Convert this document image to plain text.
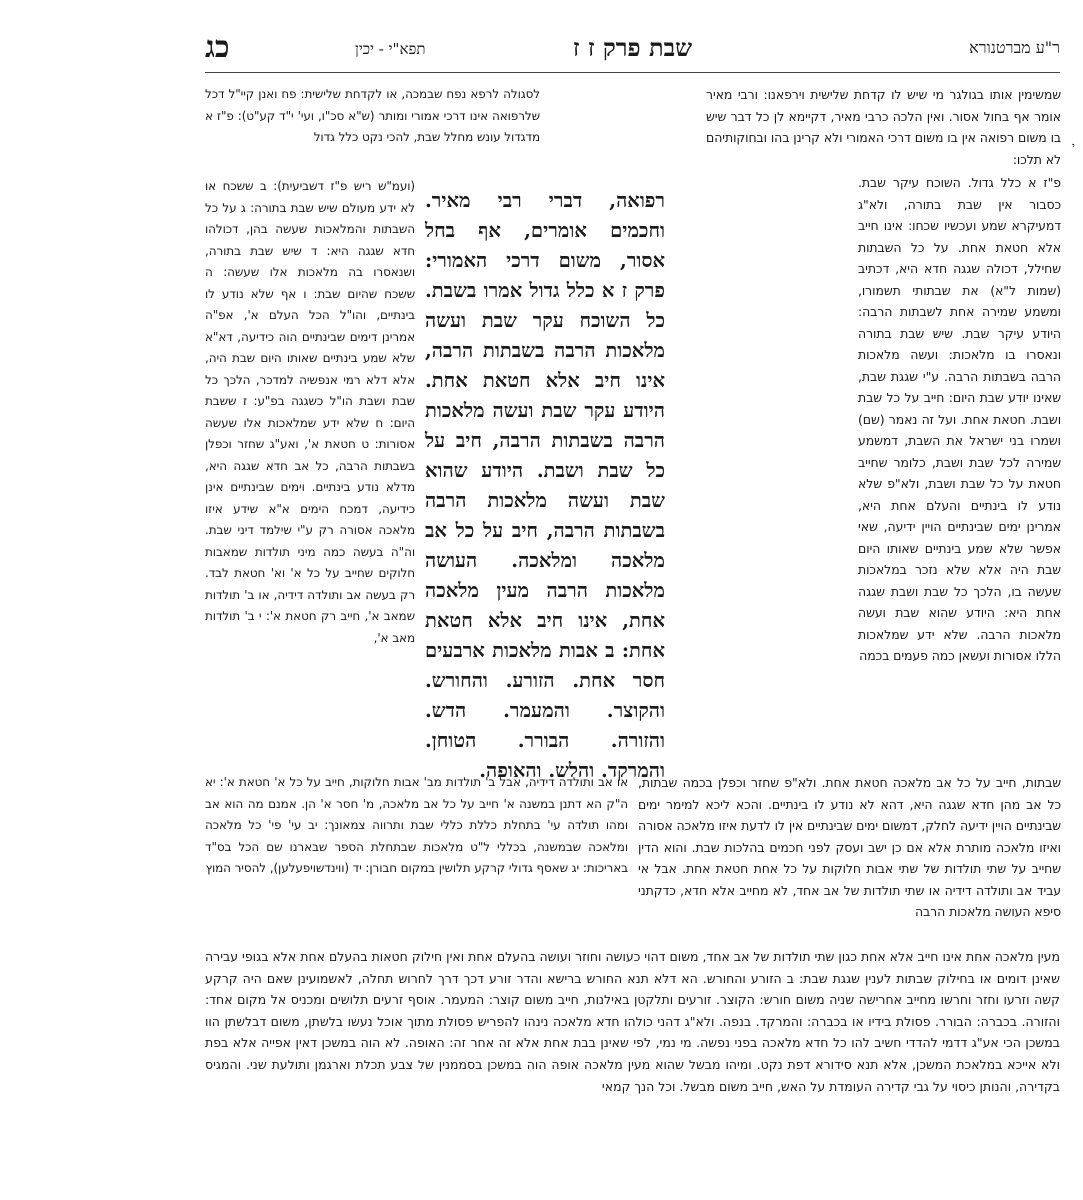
ר"ע מברטנורא
שבת פרק ז ז
תפא"י - יכין
כג
י

שמשימין אותו בגולגר מי שיש לו קדחת שלישית וירפאנו: ורבי מאיר אומר אף בחול אסור. ואין הלכה כרבי מאיר, דקיימא לן כל דבר שיש בו משום רפואה אין בו משום דרכי האמורי ולא קרינן בהו ובחוקותיהם לא תלכו:

פ"ז א כלל גדול. השוכח עיקר שבת. כסבור אין שבת בתורה, ולא"ג דמעיקרא שמע ועכשיו שכחו: אינו חייב אלא חטאת אחת. על כל השבתות שחילל, דכולה שגגה חדא היא, דכתיב (שמות ל"א) את שבתותי תשמורו, ומשמע שמירה אחת לשבתות הרבה: היודע עיקר שבת. שיש שבת בתורה ונאסרו בו מלאכות: ועשה מלאכות הרבה בשבתות הרבה. ע"י שגגת שבת, שאינו יודע שבת היום: חייב על כל שבת ושבת. חטאת אחת. ועל זה נאמר (שם) ושמרו בני ישראל את השבת, דמשמע שמירה לכל שבת ושבת, כלומר שחייב חטאת על כל שבת ושבת, ולא"פ שלא נודע לו בינתיים והעלם אחת היא, אמרינן ימים שבינתיים הויין ידיעה, שאי אפשר שלא שמע בינתיים שאותו היום שבת היה אלא שלא נזכר במלאכות שעשה בו, הלכך כל שבת ושבת שגגה אחת היא: היודע שהוא שבת ועשה מלאכות הרבה. שלא ידע שמלאכות הללו אסורות ועשאן כמה פעמים בכמה

רפואה, דברי רבי מאיר. וחכמים אומרים, אף בחל אסור, משום דרכי האמורי: פרק ז א כלל גדול אמרו בשבת. כל השוכח עקר שבת ועשה מלאכות הרבה בשבתות הרבה, אינו חיב אלא חטאת אחת. היודע עקר שבת ועשה מלאכות הרבה בשבתות הרבה, חיב על כל שבת ושבת. היודע שהוא שבת ועשה מלאכות הרבה בשבתות הרבה, חיב על כל אב מלאכה ומלאכה. העושה מלאכות הרבה מעין מלאכה אחת, אינו חיב אלא חטאת אחת: ב אבות מלאכות ארבעים חסר אחת. הזורע. והחורש. והקוצר. והמעמר. הדש. והזורה. הבורר. הטוחן. והמרקד. והלש. והאופה.

לסגולה לרפא נפח שבמכה, או לקדחת שלישית: פח ואנן קיי"ל דכל שלרפואה אינו דרכי אמורי ומותר (ש"א סכ"ו, ועי' י"ד קע"ט): פ"ז א מדגדול עונש מחלל שבת, להכי נקט כלל גדול

(ועמ"ש ריש פ"ז דשביעית): ב ששכח או לא ידע מעולם שיש שבת בתורה: ג על כל השבתות והמלאכות שעשה בהן, דכולהו חדא שגגה היא: ד שיש שבת בתורה, ושנאסרו בה מלאכות אלו שעשה: ה ששכח שהיום שבת: ו אף שלא נודע לו בינתיים, והו"ל הכל העלם א', אפ"ה אמרינן דימים שבינתיים הוה כידיעה, דא"א שלא שמע בינתיים שאותו היום שבת היה, אלא דלא רמי אנפשיה למדכר, הלכך כל שבת ושבת הו"ל כשגגה בפ"ע: ז ששבת היום: ח שלא ידע שמלאכות אלו שעשה אסורות: ט חטאת א', ואע"ג שחזר וכפלן בשבתות הרבה, כל אב חדא שגגה היא, מדלא נודע בינתיים. וימים שבינתיים אינן כידיעה, דמכח הימים א"א שידע איזו מלאכה אסורה רק ע"י שילמד דיני שבת. וה"ה בעשה כמה מיני תולדות שמאבות חלוקים שחייב על כל א' וא' חטאת לבד. רק בעשה אב ותולדה דידיה, או ב' תולדות שמאב א', חייב רק חטאת א': י ב' תולדות מאב א',

שבתות, חייב על כל אב מלאכה חטאת אחת. ולא"פ שחזר וכפלן בכמה שבתות, כל אב מהן חדא שגגה היא, דהא לא נודע לו בינתיים. והכא ליכא למימר ימים שבינתיים הויין ידיעה לחלק, דמשום ימים שבינתיים אין לו לדעת איזו מלאכה אסורה ואיזו מלאכה מותרת אלא אם כן ישב ועסק לפני חכמים בהלכות שבת. והוא הדין שחייב על שתי תולדות של שתי אבות חלוקות על כל אחת חטאת אחת. אבל אי עביד אב ותולדה דידיה או שתי תולדות של אב אחד, לא מחייב אלא חדא, כדקתני סיפא העושה מלאכות הרבה

או אב ותולדה דידיה, אבל ב' תולדות מב' אבות חלוקות, חייב על כל א' חטאת א': יא ה"ק הא דתנן במשנה א' חייב על כל אב מלאכה, מ' חסר א' הן. אמנם מה הוא אב ומהו תולדה עי' בתחלת כללת כללי שבת ותרווה צמאונך: יב עי' פי' כל מלאכה ומלאכה שבמשנה, בכללי ל"ט מלאכות שבתחלת הספר שבארנו שם הכל בס"ד באריכות: יג שאסף גדולי קרקע תלושין במקום חבורן: יד (ווינדשויפעלען), להסיר המוץ

מעין מלאכה אחת אינו חייב אלא אחת כגון שתי תולדות של אב אחד, משום דהוי כעושה וחוזר ועושה בהעלם אחת ואין חילוק חטאות בהעלם אחת אלא בגופי עבירה שאינן דומים או בחילוק שבתות לענין שגגת שבת: ב הזורע והחורש. הא דלא תנא החורש ברישא והדר זורע דכך דרך לחרוש תחלה, לאשמועינן שאם היה קרקע קשה וזרעו וחזר וחרשו מחייב אחרישה שניה משום חורש: הקוצר. זורעים ותלקטן באילנות, חייב משום קוצר: המעמר. אוסף זרעים תלושים ומכניס אל מקום אחד: והזורה. בכברה: הבורר. פסולת בידיו או בכברה: והמרקד. בנפה. ולא"ג דהני כולהו חדא מלאכה נינהו להפריש פסולת מתוך אוכל נעשו בלשתן, משום דבלשתן הוו במשכן הכי אע"ג דדמי להדדי חשיב להו כל חדא מלאכה בפני נפשה. מי נמי, לפי שאינן בבת אחת אלא זה אחר זה: האופה. לא הוה במשכן דאין אפייה אלא בפת ולא אייכא במלאכת המשכן, אלא תנא סידורא דפת נקט. ומיהו מבשל שהוא מעין מלאכה אופה הוה במשכן בסממנין של צבע תכלת וארגמן ותולעת שני. והמגיס בקדירה, והנותן כיסוי על גבי קדירה העומדת על האש, חייב משום מבשל. וכל הנך קמאי
